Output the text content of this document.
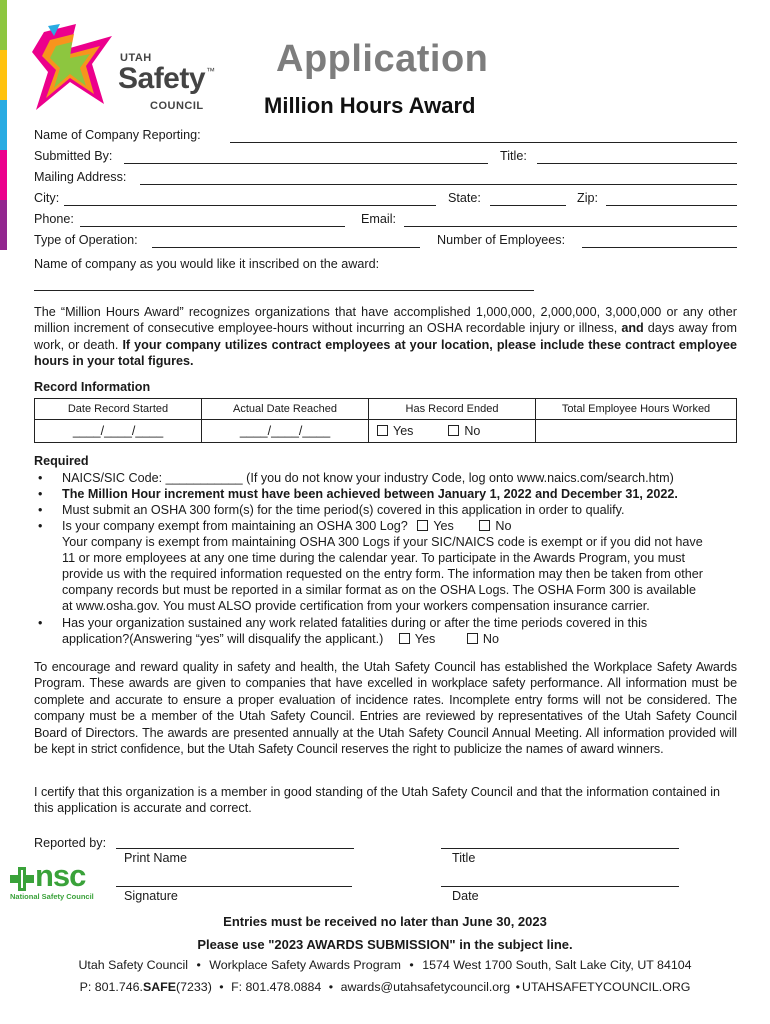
UTAH
Safety ™
COUNCIL
Application
Million Hours Award
Name of Company Reporting:
Submitted By:	Title:
Mailing Address:
City:	State:	Zip:
Phone:	Email:
Type of Operation:	Number of Employees:
Name of company as you would like it inscribed on the award:
The “Million Hours Award” recognizes organizations that have accomplished 1,000,000, 2,000,000, 3,000,000 or any other million increment of consecutive employee-hours without incurring an OSHA recordable injury or illness, and days away from work, or death. If your company utilizes contract employees at your location, please include these contract employee hours in your total figures.
Record Information
Date Record Started	Actual Date Reached	Has Record Ended	Total Employee Hours Worked
____/____/____	____/____/____	Yes No	
Required
• NAICS/SIC Code: ___________ (If you do not know your industry Code, log onto www.naics.com/search.htm)
• The Million Hour increment must have been achieved between January 1, 2022 and December 31, 2022.
• Must submit an OSHA 300 form(s) for the time period(s) covered in this application in order to qualify.
• Is your company exempt from maintaining an OSHA 300 Log? Yes	No
Your company is exempt from maintaining OSHA 300 Logs if your SIC/NAICS code is exempt or if you did not have
11 or more employees at any one time during the calendar year. To participate in the Awards Program, you must
provide us with the required information requested on the entry form. The information may then be taken from other
company records but must be reported in a similar format as on the OSHA Logs. The OSHA Form 300 is available
at www.osha.gov. You must ALSO provide certification from your workers compensation insurance carrier.
• Has your organization sustained any work related fatalities during or after the time periods covered in this
application?(Answering “yes” will disqualify the applicant.)	Yes	No
To encourage and reward quality in safety and health, the Utah Safety Council has established the Workplace Safety Awards Program. These awards are given to companies that have excelled in workplace safety performance. All information must be complete and accurate to ensure a proper evaluation of incidence rates. Incomplete entry forms will not be considered. The company must be a member of the Utah Safety Council. Entries are reviewed by representatives of the Utah Safety Council Board of Directors. The awards are presented annually at the Utah Safety Council Annual Meeting. All information provided will be kept in strict confidence, but the Utah Safety Council reserves the right to publicize the names of award winners.
I certify that this organization is a member in good standing of the Utah Safety Council and that the information contained in this application is accurate and correct.
Reported by:
Print Name	Title
Signature	Date
nsc
National Safety Council
Entries must be received no later than June 30, 2023
Please use "2023 AWARDS SUBMISSION" in the subject line.
Utah Safety Council • Workplace Safety Awards Program • 1574 West 1700 South, Salt Lake City, UT 84104
P: 801.746.SAFE(7233) • F: 801.478.0884 • awards@utahsafetycouncil.org • UTAHSAFETYCOUNCIL.ORG
